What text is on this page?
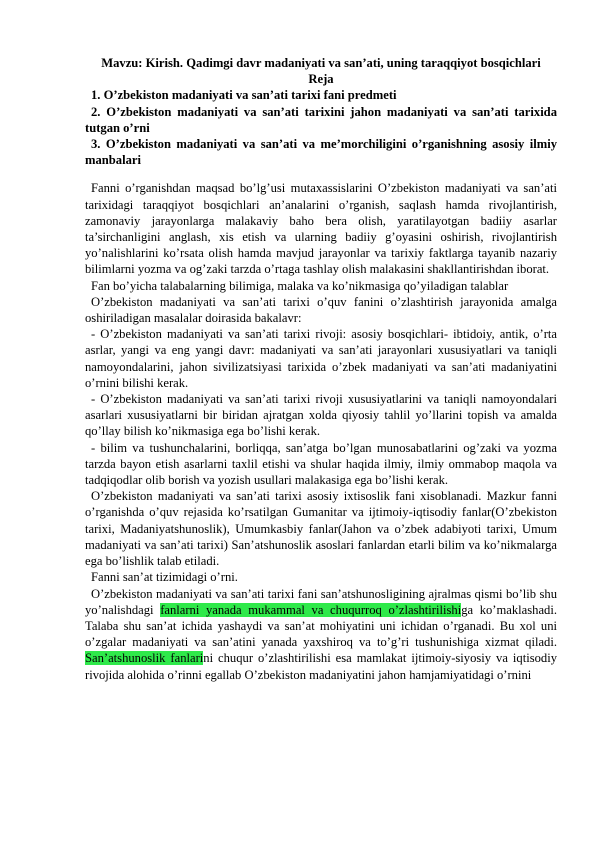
Mavzu: Kirish. Qadimgi davr madaniyati va san’ati, uning taraqqiyot bosqichlari
Reja

1. O’zbekiston madaniyati va san’ati tarixi fani predmeti

2. O’zbekiston madaniyati va san’ati tarixini jahon madaniyati va san’ati tarixida tutgan o’rni

3. O’zbekiston madaniyati va san’ati va me’morchiligini o’rganishning asosiy ilmiy manbalari

Fanni o’rganishdan maqsad bo’lg’usi mutaxassislarini O’zbekiston madaniyati va san’ati tarixidagi taraqqiyot bosqichlari an’analarini o’rganish, saqlash hamda rivojlantirish, zamonaviy jarayonlarga malakaviy baho bera olish, yaratilayotgan badiiy asarlar ta’sirchanligini anglash, xis etish va ularning badiiy g’oyasini oshirish, rivojlantirish yo’nalishlarini ko’rsata olish hamda mavjud jarayonlar va tarixiy faktlarga tayanib nazariy bilimlarni yozma va og’zaki tarzda o’rtaga tashlay olish malakasini shakllantirishdan iborat.

Fan bo’yicha talabalarning bilimiga, malaka va ko’nikmasiga qo’yiladigan talablar

O’zbekiston madaniyati va san’ati tarixi o’quv fanini o’zlashtirish jarayonida amalga oshiriladigan masalalar doirasida bakalavr:

- O’zbekiston madaniyati va san’ati tarixi rivoji: asosiy bosqichlari- ibtidoiy, antik, o’rta asrlar, yangi va eng yangi davr: madaniyati va san’ati jarayonlari xususiyatlari va taniqli namoyondalarini, jahon sivilizatsiyasi tarixida o’zbek madaniyati va san’ati madaniyatini o’rnini bilishi kerak.

- O’zbekiston madaniyati va san’ati tarixi rivoji xususiyatlarini va taniqli namoyondalari asarlari xususiyatlarni bir biridan ajratgan xolda qiyosiy tahlil yo’llarini topish va amalda qo’llay bilish ko’nikmasiga ega bo’lishi kerak.

- bilim va tushunchalarini, borliqqa, san’atga bo’lgan munosabatlarini og’zaki va yozma tarzda bayon etish asarlarni taxlil etishi va shular haqida ilmiy, ilmiy ommabop maqola va tadqiqodlar olib borish va yozish usullari malakasiga ega bo’lishi kerak.

O’zbekiston madaniyati va san’ati tarixi asosiy ixtisoslik fani xisoblanadi. Mazkur fanni o’rganishda o’quv rejasida ko’rsatilgan Gumanitar va ijtimoiy-iqtisodiy fanlar(O’zbekiston tarixi, Madaniyatshunoslik), Umumkasbiy fanlar(Jahon va o’zbek adabiyoti tarixi, Umum madaniyati va san’ati tarixi) San’atshunoslik asoslari fanlardan etarli bilim va ko’nikmalarga ega bo’lishlik talab etiladi.

Fanni san’at tizimidagi o’rni.

O’zbekiston madaniyati va san’ati tarixi fani san’atshunosligining ajralmas qismi bo’lib shu yo’nalishdagi fanlarni yanada mukammal va chuqurroq o’zlashtirilishiga ko’maklashadi. Talaba shu san’at ichida yashaydi va san’at mohiyatini uni ichidan o’rganadi. Bu xol uni o’zgalar madaniyati va san’atini yanada yaxshiroq va to’g’ri tushunishiga xizmat qiladi. San’atshunoslik fanlarini chuqur o’zlashtirilishi esa mamlakat ijtimoiy-siyosiy va iqtisodiy rivojida alohida o’rinni egallab O’zbekiston madaniyatini jahon hamjamiyatidagi o’rnini
